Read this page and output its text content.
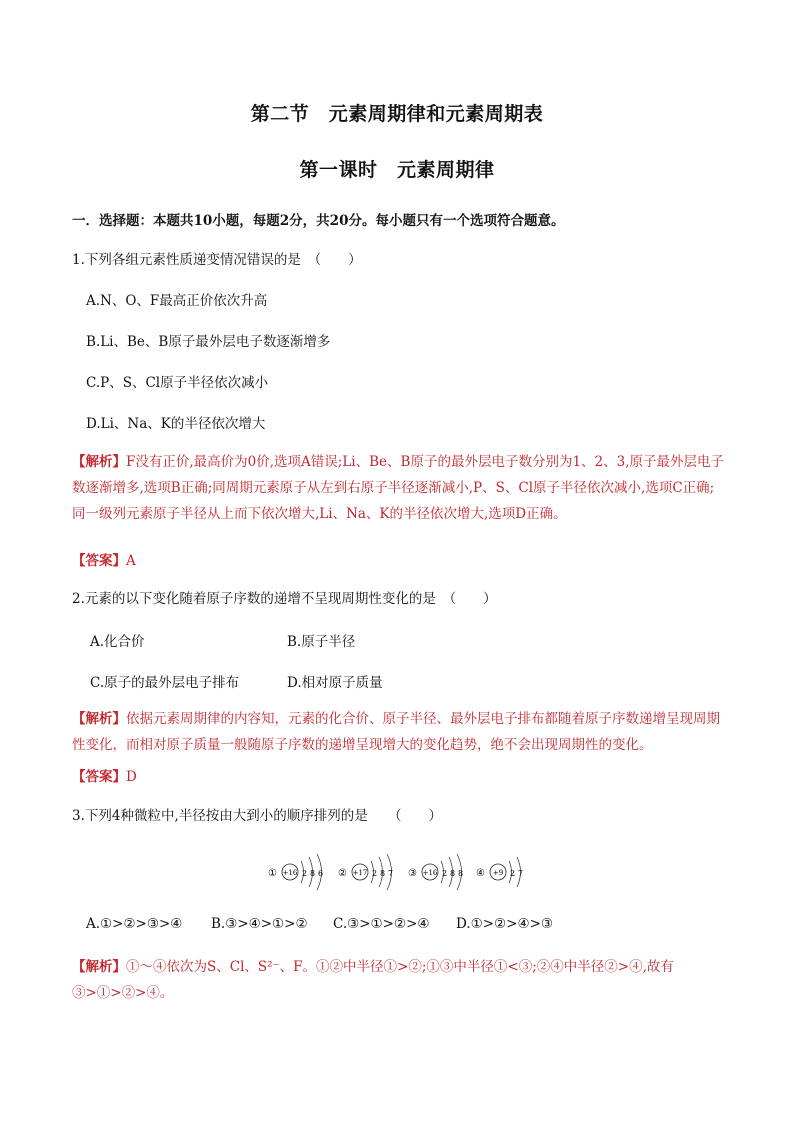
第二节　元素周期律和元素周期表
第一课时　元素周期律
一．选择题：本题共10小题，每题2分，共20分。每小题只有一个选项符合题意。
1.下列各组元素性质递变情况错误的是　（　　）
A.N、O、F最高正价依次升高
B.Li、Be、B原子最外层电子数逐渐增多
C.P、S、Cl原子半径依次减小
D.Li、Na、K的半径依次增大
【解析】F没有正价,最高价为0价,选项A错误;Li、Be、B原子的最外层电子数分别为1、2、3,原子最外层电子数逐渐增多,选项B正确;同周期元素原子从左到右原子半径逐渐减小,P、S、Cl原子半径依次减小,选项C正确;同一级列元素原子半径从上而下依次增大,Li、Na、K的半径依次增大,选项D正确。
【答案】A
2.元素的以下变化随着原子序数的递增不呈现周期性变化的是　（　　）
A.化合价	B.原子半径
C.原子的最外层电子排布	D.相对原子质量
【解析】依据元素周期律的内容知，元素的化合价、原子半径、最外层电子排布都随着原子序数递增呈现周期性变化，而相对原子质量一般随原子序数的递增呈现增大的变化趋势，绝不会出现周期性的变化。
【答案】D
3.下列4种微粒中,半径按由大到小的顺序排列的是　　（　　）
① +16 2 8 6 ② +17 2 8 7 ③ +16 2 8 8 ④ +9 2 7
A.①>②>③>④ B.③>④>①>② C.③>①>②>④ D.①>②>④>③
【解析】①～④依次为S、Cl、S²⁻、F。①②中半径①>②;①③中半径①<③;②④中半径②>④,故有③>①>②>④。
